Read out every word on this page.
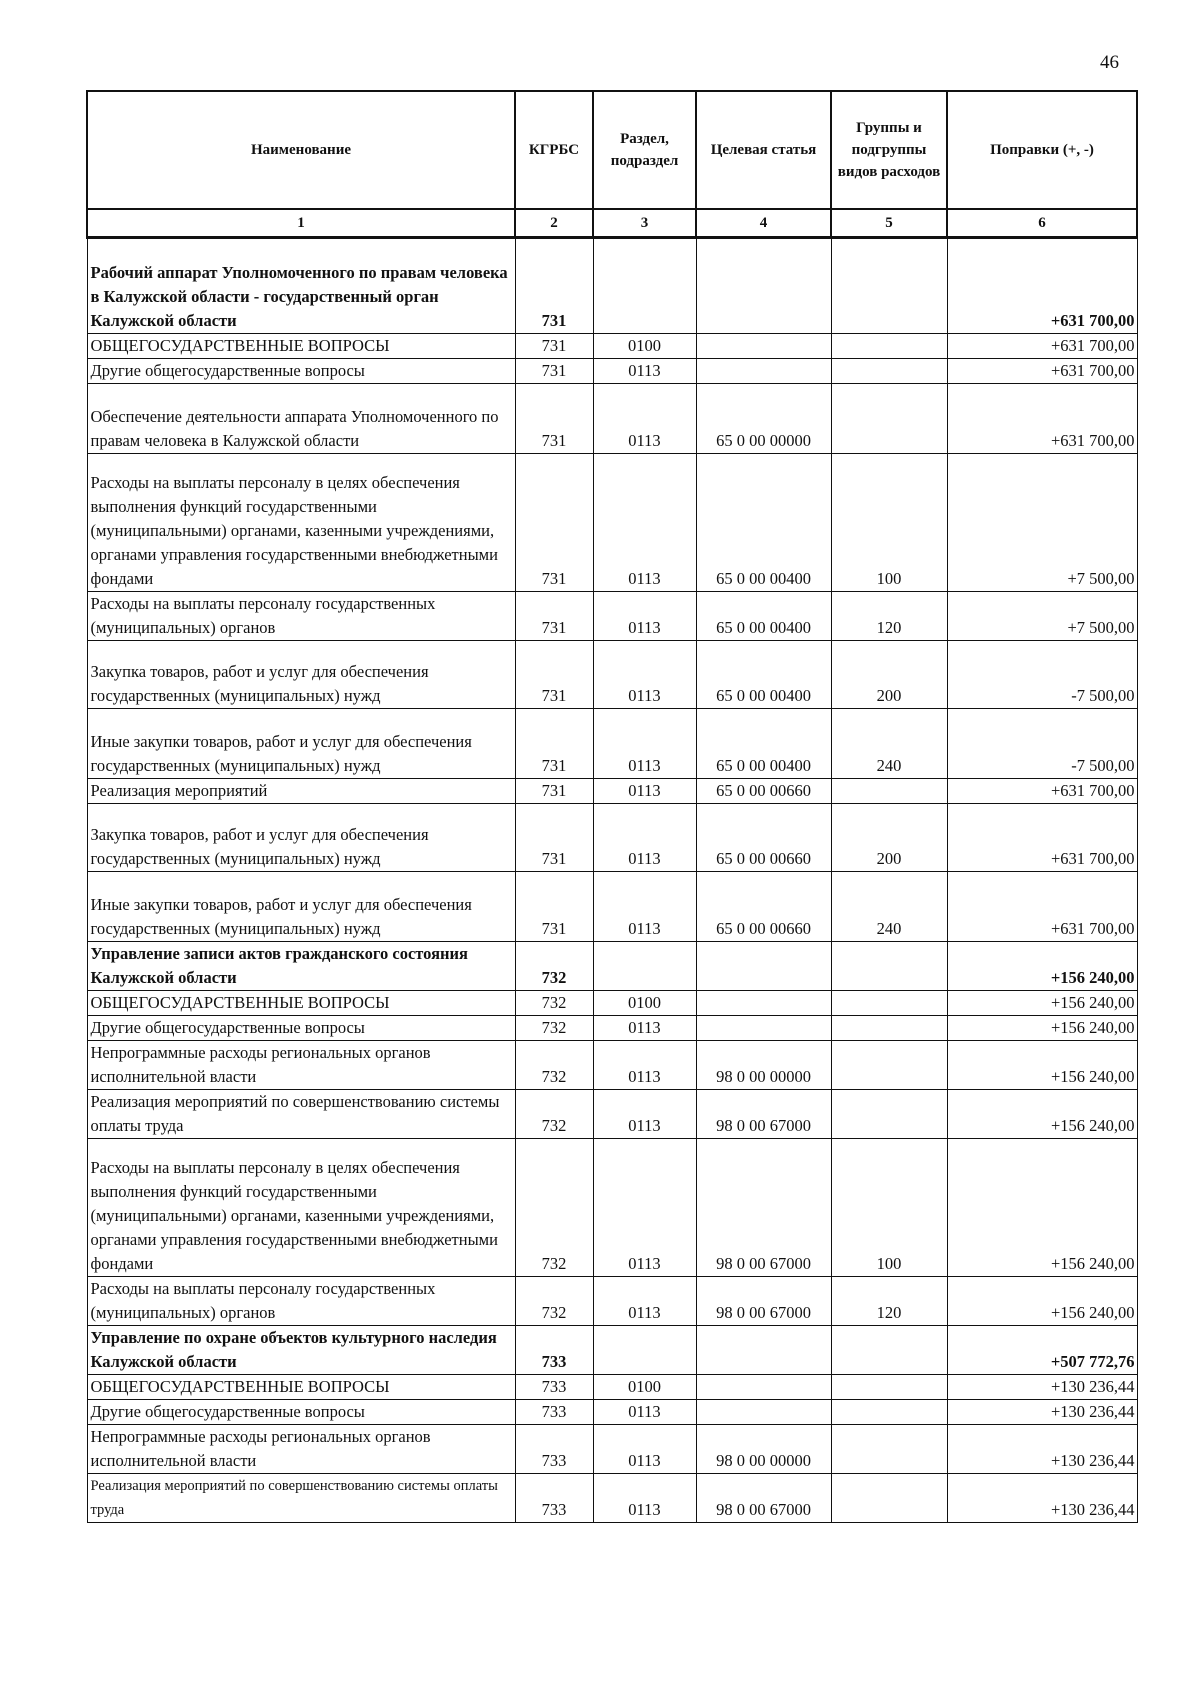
46
Наименование	КГРБС	Раздел, подраздел	Целевая статья	Группы и подгруппы видов расходов	Поправки (+, -)
1	2	3	4	5	6
Рабочий аппарат Уполномоченного по правам человека в Калужской области - государственный орган Калужской области	731				+631 700,00
ОБЩЕГОСУДАРСТВЕННЫЕ ВОПРОСЫ	731	0100			+631 700,00
Другие общегосударственные вопросы	731	0113			+631 700,00
Обеспечение деятельности аппарата Уполномоченного по правам человека в Калужской области	731	0113	65 0 00 00000		+631 700,00
Расходы на выплаты персоналу в целях обеспечения выполнения функций государственными (муниципальными) органами, казенными учреждениями, органами управления государственными внебюджетными фондами	731	0113	65 0 00 00400	100	+7 500,00
Расходы на выплаты персоналу государственных (муниципальных) органов	731	0113	65 0 00 00400	120	+7 500,00
Закупка товаров, работ и услуг для обеспечения государственных (муниципальных) нужд	731	0113	65 0 00 00400	200	-7 500,00
Иные закупки товаров, работ и услуг для обеспечения государственных (муниципальных) нужд	731	0113	65 0 00 00400	240	-7 500,00
Реализация мероприятий	731	0113	65 0 00 00660		+631 700,00
Закупка товаров, работ и услуг для обеспечения государственных (муниципальных) нужд	731	0113	65 0 00 00660	200	+631 700,00
Иные закупки товаров, работ и услуг для обеспечения государственных (муниципальных) нужд	731	0113	65 0 00 00660	240	+631 700,00
Управление записи актов гражданского состояния Калужской области	732				+156 240,00
ОБЩЕГОСУДАРСТВЕННЫЕ ВОПРОСЫ	732	0100			+156 240,00
Другие общегосударственные вопросы	732	0113			+156 240,00
Непрограммные расходы региональных органов исполнительной власти	732	0113	98 0 00 00000		+156 240,00
Реализация мероприятий по совершенствованию системы оплаты труда	732	0113	98 0 00 67000		+156 240,00
Расходы на выплаты персоналу в целях обеспечения выполнения функций государственными (муниципальными) органами, казенными учреждениями, органами управления государственными внебюджетными фондами	732	0113	98 0 00 67000	100	+156 240,00
Расходы на выплаты персоналу государственных (муниципальных) органов	732	0113	98 0 00 67000	120	+156 240,00
Управление по охране объектов культурного наследия Калужской области	733				+507 772,76
ОБЩЕГОСУДАРСТВЕННЫЕ ВОПРОСЫ	733	0100			+130 236,44
Другие общегосударственные вопросы	733	0113			+130 236,44
Непрограммные расходы региональных органов исполнительной власти	733	0113	98 0 00 00000		+130 236,44
Реализация мероприятий по совершенствованию системы оплаты труда	733	0113	98 0 00 67000		+130 236,44
